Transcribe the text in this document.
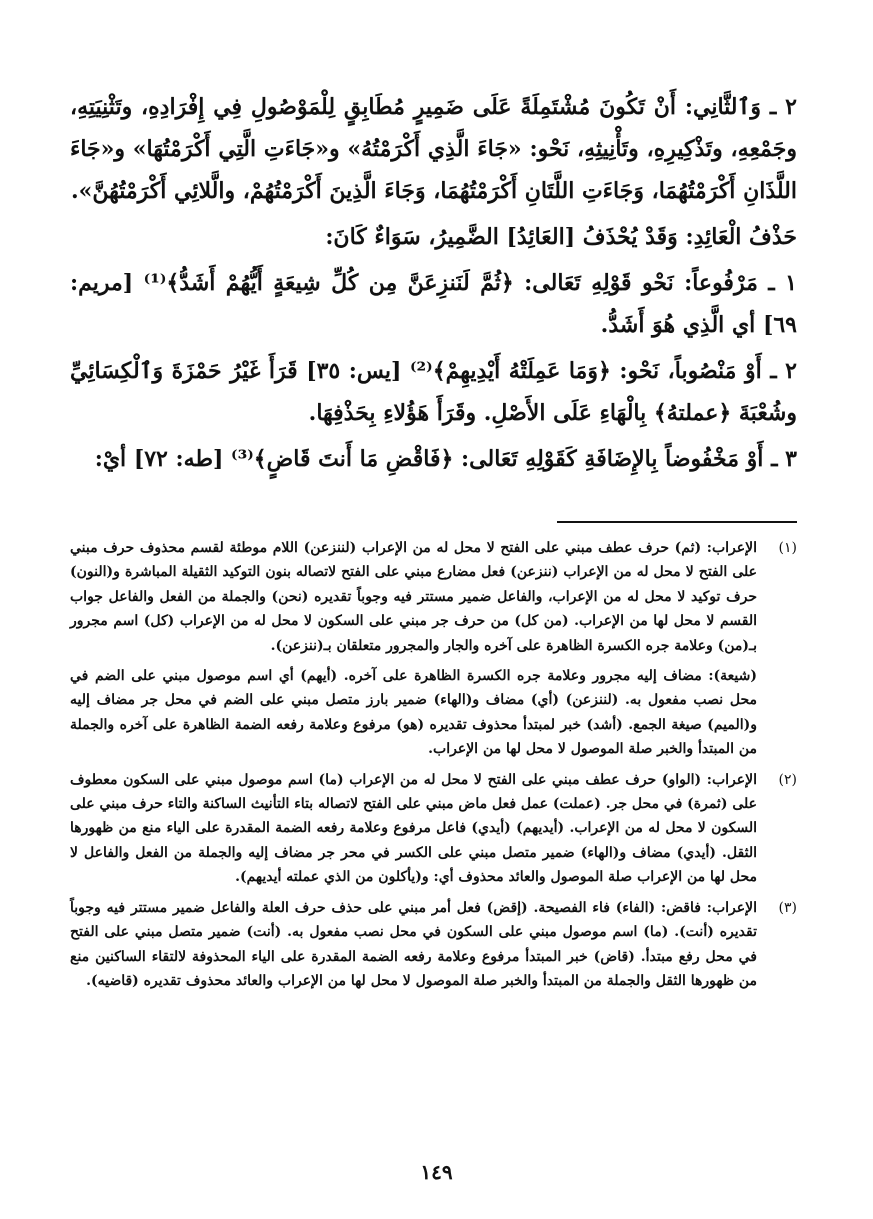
٢ ـ وَٱلثَّانِي: أَنْ تَكُونَ مُشْتَمِلَةً عَلَى ضَمِيرٍ مُطَابِقٍ لِلْمَوْصُولِ فِي إِفْرَادِهِ، وتَثْنِيَتِهِ، وجَمْعِهِ، وتَذْكِيرِهِ، وتَأْنِيثِهِ، نَحْو: «جَاءَ الَّذِي أَكْرَمْتُهُ» و«جَاءَتِ الَّتِي أَكْرَمْتُهَا» و«جَاءَ اللَّذَانِ أَكْرَمْتُهُمَا، وَجَاءَتِ اللَّتَانِ أَكْرَمْتُهُمَا، وَجَاءَ الَّذِينَ أَكْرَمْتُهُمْ، والَّلائِي أَكْرَمْتُهُنَّ».

حَذْفُ الْعَائِدِ: وَقَدْ يُحْذَفُ [العَائِدُ] الضَّمِيرُ، سَوَاءٌ كَانَ:

١ ـ مَرْفُوعاً: نَحْو قَوْلِهِ تَعَالى: ﴿ثُمَّ لَنَنزِعَنَّ مِن كُلِّ شِيعَةٍ أَيُّهُمْ أَشَدُّ﴾⁽¹⁾ [مريم: ٦٩] أي الَّذِي هُوَ أَشَدُّ.

٢ ـ أَوْ مَنْصُوباً، نَحْو: ﴿وَمَا عَمِلَتْهُ أَيْدِيهِمْ﴾⁽²⁾ [يس: ٣٥] قَرَأَ غَيْرُ حَمْزَةَ وَٱلْكِسَائِيِّ وشُعْبَةَ ﴿عملتهُ﴾ بِالْهَاءِ عَلَى الأَصْلِ. وقَرَأَ هَؤُلاءِ بِحَذْفِهَا.

٣ ـ أَوْ مَخْفُوضاً بِالإِضَافَةِ كَقَوْلِهِ تَعَالى: ﴿فَاقْضِ مَا أَنتَ قَاضٍ﴾⁽³⁾ [طه: ٧٢] أيْ:

(١)

الإعراب: (ثم) حرف عطف مبني على الفتح لا محل له من الإعراب (لننزعن) اللام موطئة لقسم محذوف حرف مبني على الفتح لا محل له من الإعراب (ننزعن) فعل مضارع مبني على الفتح لاتصاله بنون التوكيد الثقيلة المباشرة و(النون) حرف توكيد لا محل له من الإعراب، والفاعل ضمير مستتر فيه وجوباً تقديره (نحن) والجملة من الفعل والفاعل جواب القسم لا محل لها من الإعراب. (من كل) من حرف جر مبني على السكون لا محل له من الإعراب (كل) اسم مجرور بـ(من) وعلامة جره الكسرة الظاهرة على آخره والجار والمجرور متعلقان بـ(ننزعن).

(شيعة): مضاف إليه مجرور وعلامة جره الكسرة الظاهرة على آخره. (أيهم) أي اسم موصول مبني على الضم في محل نصب مفعول به. (لننزعن) (أي) مضاف و(الهاء) ضمير بارز متصل مبني على الضم في محل جر مضاف إليه و(الميم) صيغة الجمع. (أشد) خبر لمبتدأ محذوف تقديره (هو) مرفوع وعلامة رفعه الضمة الظاهرة على آخره والجملة من المبتدأ والخبر صلة الموصول لا محل لها من الإعراب.

(٢)

الإعراب: (الواو) حرف عطف مبني على الفتح لا محل له من الإعراب (ما) اسم موصول مبني على السكون معطوف على (ثمرة) في محل جر. (عملت) عمل فعل ماض مبني على الفتح لاتصاله بتاء التأنيث الساكنة والتاء حرف مبني على السكون لا محل له من الإعراب. (أيديهم) (أيدي) فاعل مرفوع وعلامة رفعه الضمة المقدرة على الياء منع من ظهورها الثقل. (أيدي) مضاف و(الهاء) ضمير متصل مبني على الكسر في محر جر مضاف إليه والجملة من الفعل والفاعل لا محل لها من الإعراب صلة الموصول والعائد محذوف أي: و(يأكلون من الذي عملته أيديهم).

(٣)

الإعراب: فاقض: (الفاء) فاء الفصيحة. (إقض) فعل أمر مبني على حذف حرف العلة والفاعل ضمير مستتر فيه وجوباً تقديره (أنت). (ما) اسم موصول مبني على السكون في محل نصب مفعول به. (أنت) ضمير متصل مبني على الفتح في محل رفع مبتدأ. (قاض) خبر المبتدأ مرفوع وعلامة رفعه الضمة المقدرة على الياء المحذوفة لالتقاء الساكنين منع من ظهورها الثقل والجملة من المبتدأ والخبر صلة الموصول لا محل لها من الإعراب والعائد محذوف تقديره (قاضيه).

١٤٩
